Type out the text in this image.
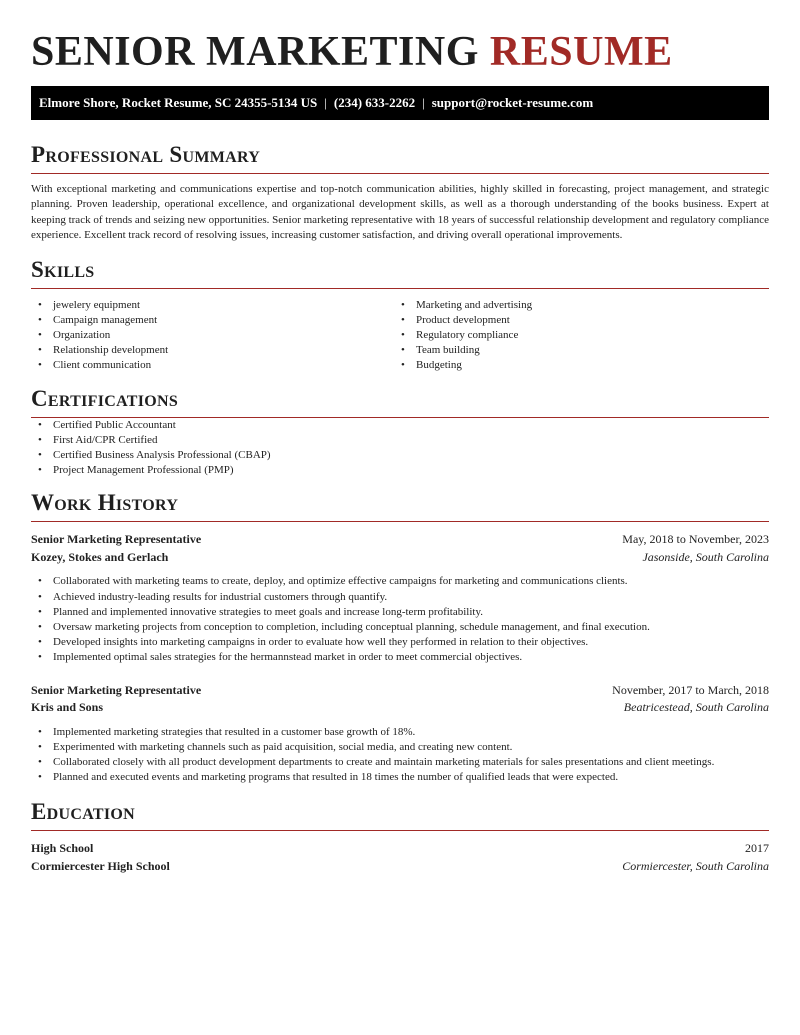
SENIOR MARKETING RESUME
Elmore Shore, Rocket Resume, SC 24355-5134 US | (234) 633-2262 | support@rocket-resume.com
Professional Summary

With exceptional marketing and communications expertise and top-notch communication abilities, highly skilled in forecasting, project management, and strategic planning. Proven leadership, operational excellence, and organizational development skills, as well as a thorough understanding of the books business. Expert at keeping track of trends and seizing new opportunities. Senior marketing representative with 18 years of successful relationship development and regulatory compliance experience. Excellent track record of resolving issues, increasing customer satisfaction, and driving overall operational improvements.

Skills
• jewelery equipment
• Campaign management
• Organization
• Relationship development
• Client communication
• Marketing and advertising
• Product development
• Regulatory compliance
• Team building
• Budgeting
Certifications
• Certified Public Accountant
• First Aid/CPR Certified
• Certified Business Analysis Professional (CBAP)
• Project Management Professional (PMP)
Work History
Senior Marketing Representative	May, 2018 to November, 2023
Kozey, Stokes and Gerlach	Jasonside, South Carolina
• Collaborated with marketing teams to create, deploy, and optimize effective campaigns for marketing and communications clients.
• Achieved industry-leading results for industrial customers through quantify.
• Planned and implemented innovative strategies to meet goals and increase long-term profitability.
• Oversaw marketing projects from conception to completion, including conceptual planning, schedule management, and final execution.
• Developed insights into marketing campaigns in order to evaluate how well they performed in relation to their objectives.
• Implemented optimal sales strategies for the hermannstead market in order to meet commercial objectives.
Senior Marketing Representative	November, 2017 to March, 2018
Kris and Sons	Beatricestead, South Carolina
• Implemented marketing strategies that resulted in a customer base growth of 18%.
• Experimented with marketing channels such as paid acquisition, social media, and creating new content.
• Collaborated closely with all product development departments to create and maintain marketing materials for sales presentations and client meetings.
• Planned and executed events and marketing programs that resulted in 18 times the number of qualified leads that were expected.
Education
High School	2017
Cormiercester High School	Cormiercester, South Carolina
